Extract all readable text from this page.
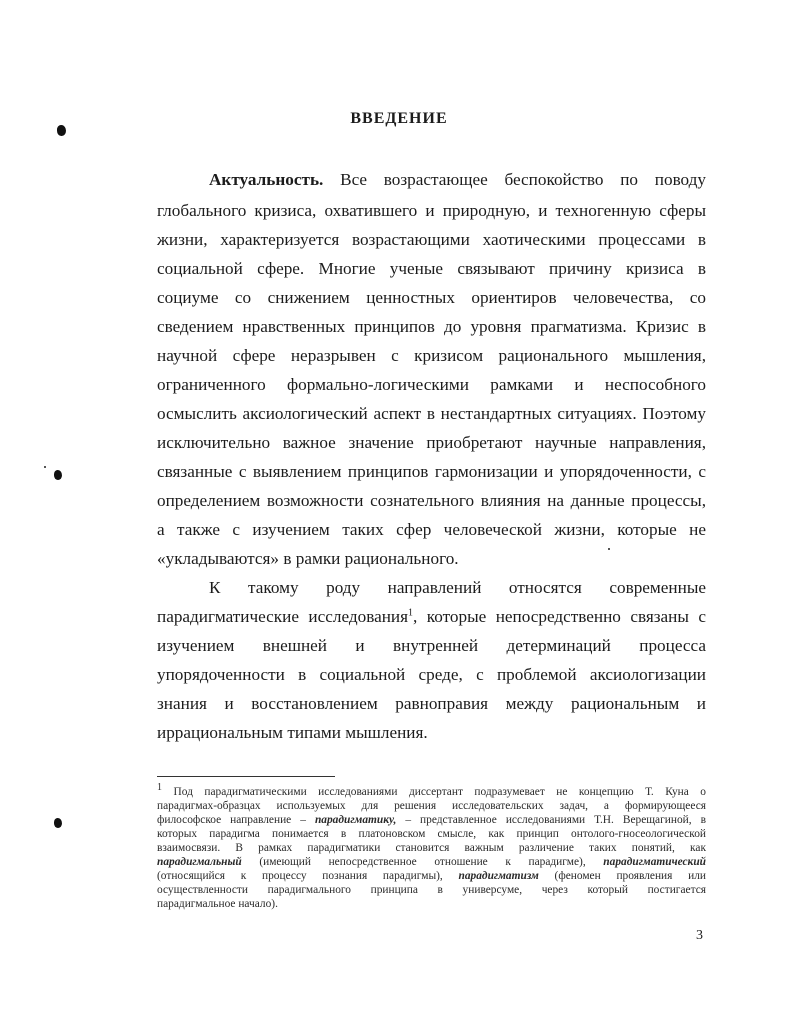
ВВЕДЕНИЕ
Актуальность. Все возрастающее беспокойство по поводу
глобального кризиса, охватившего и природную, и техногенную сферы
жизни, характеризуется возрастающими хаотическими процессами в
социальной сфере. Многие ученые связывают причину кризиса в
социуме со снижением ценностных ориентиров человечества, со
сведением нравственных принципов до уровня прагматизма. Кризис в
научной сфере неразрывен с кризисом рационального мышления,
ограниченного формально-логическими рамками и неспособного
осмыслить аксиологический аспект в нестандартных ситуациях. Поэтому
исключительно важное значение приобретают научные направления,
связанные с выявлением принципов гармонизации и упорядоченности, с
определением возможности сознательного влияния на данные процессы,
а также с изучением таких сфер человеческой жизни, которые не
«укладываются» в рамки рационального.
К такому роду направлений относятся современные
парадигматические исследования$^1$, которые непосредственно связаны с
изучением внешней и внутренней детерминаций процесса
упорядоченности в социальной среде, с проблемой аксиологизации
знания и восстановлением равноправия между рациональным и
иррациональным типами мышления.
$^1$ Под парадигматическими исследованиями диссертант подразумевает не концепцию Т. Куна о
парадигмах-образцах используемых для решения исследовательских задач, а формирующееся
философское направление – парадигматику, – представленное исследованиями Т.Н. Верещагиной, в
которых парадигма понимается в платоновском смысле, как принцип онтолого-гносеологической
взаимосвязи. В рамках парадигматики становится важным различение таких понятий, как
парадигмальный (имеющий непосредственное отношение к парадигме), парадигматический
(относящийся к процессу познания парадигмы), парадигматизм (феномен проявления или
осуществленности парадигмального принципа в универсуме, через который постигается
парадигмальное начало).
3
